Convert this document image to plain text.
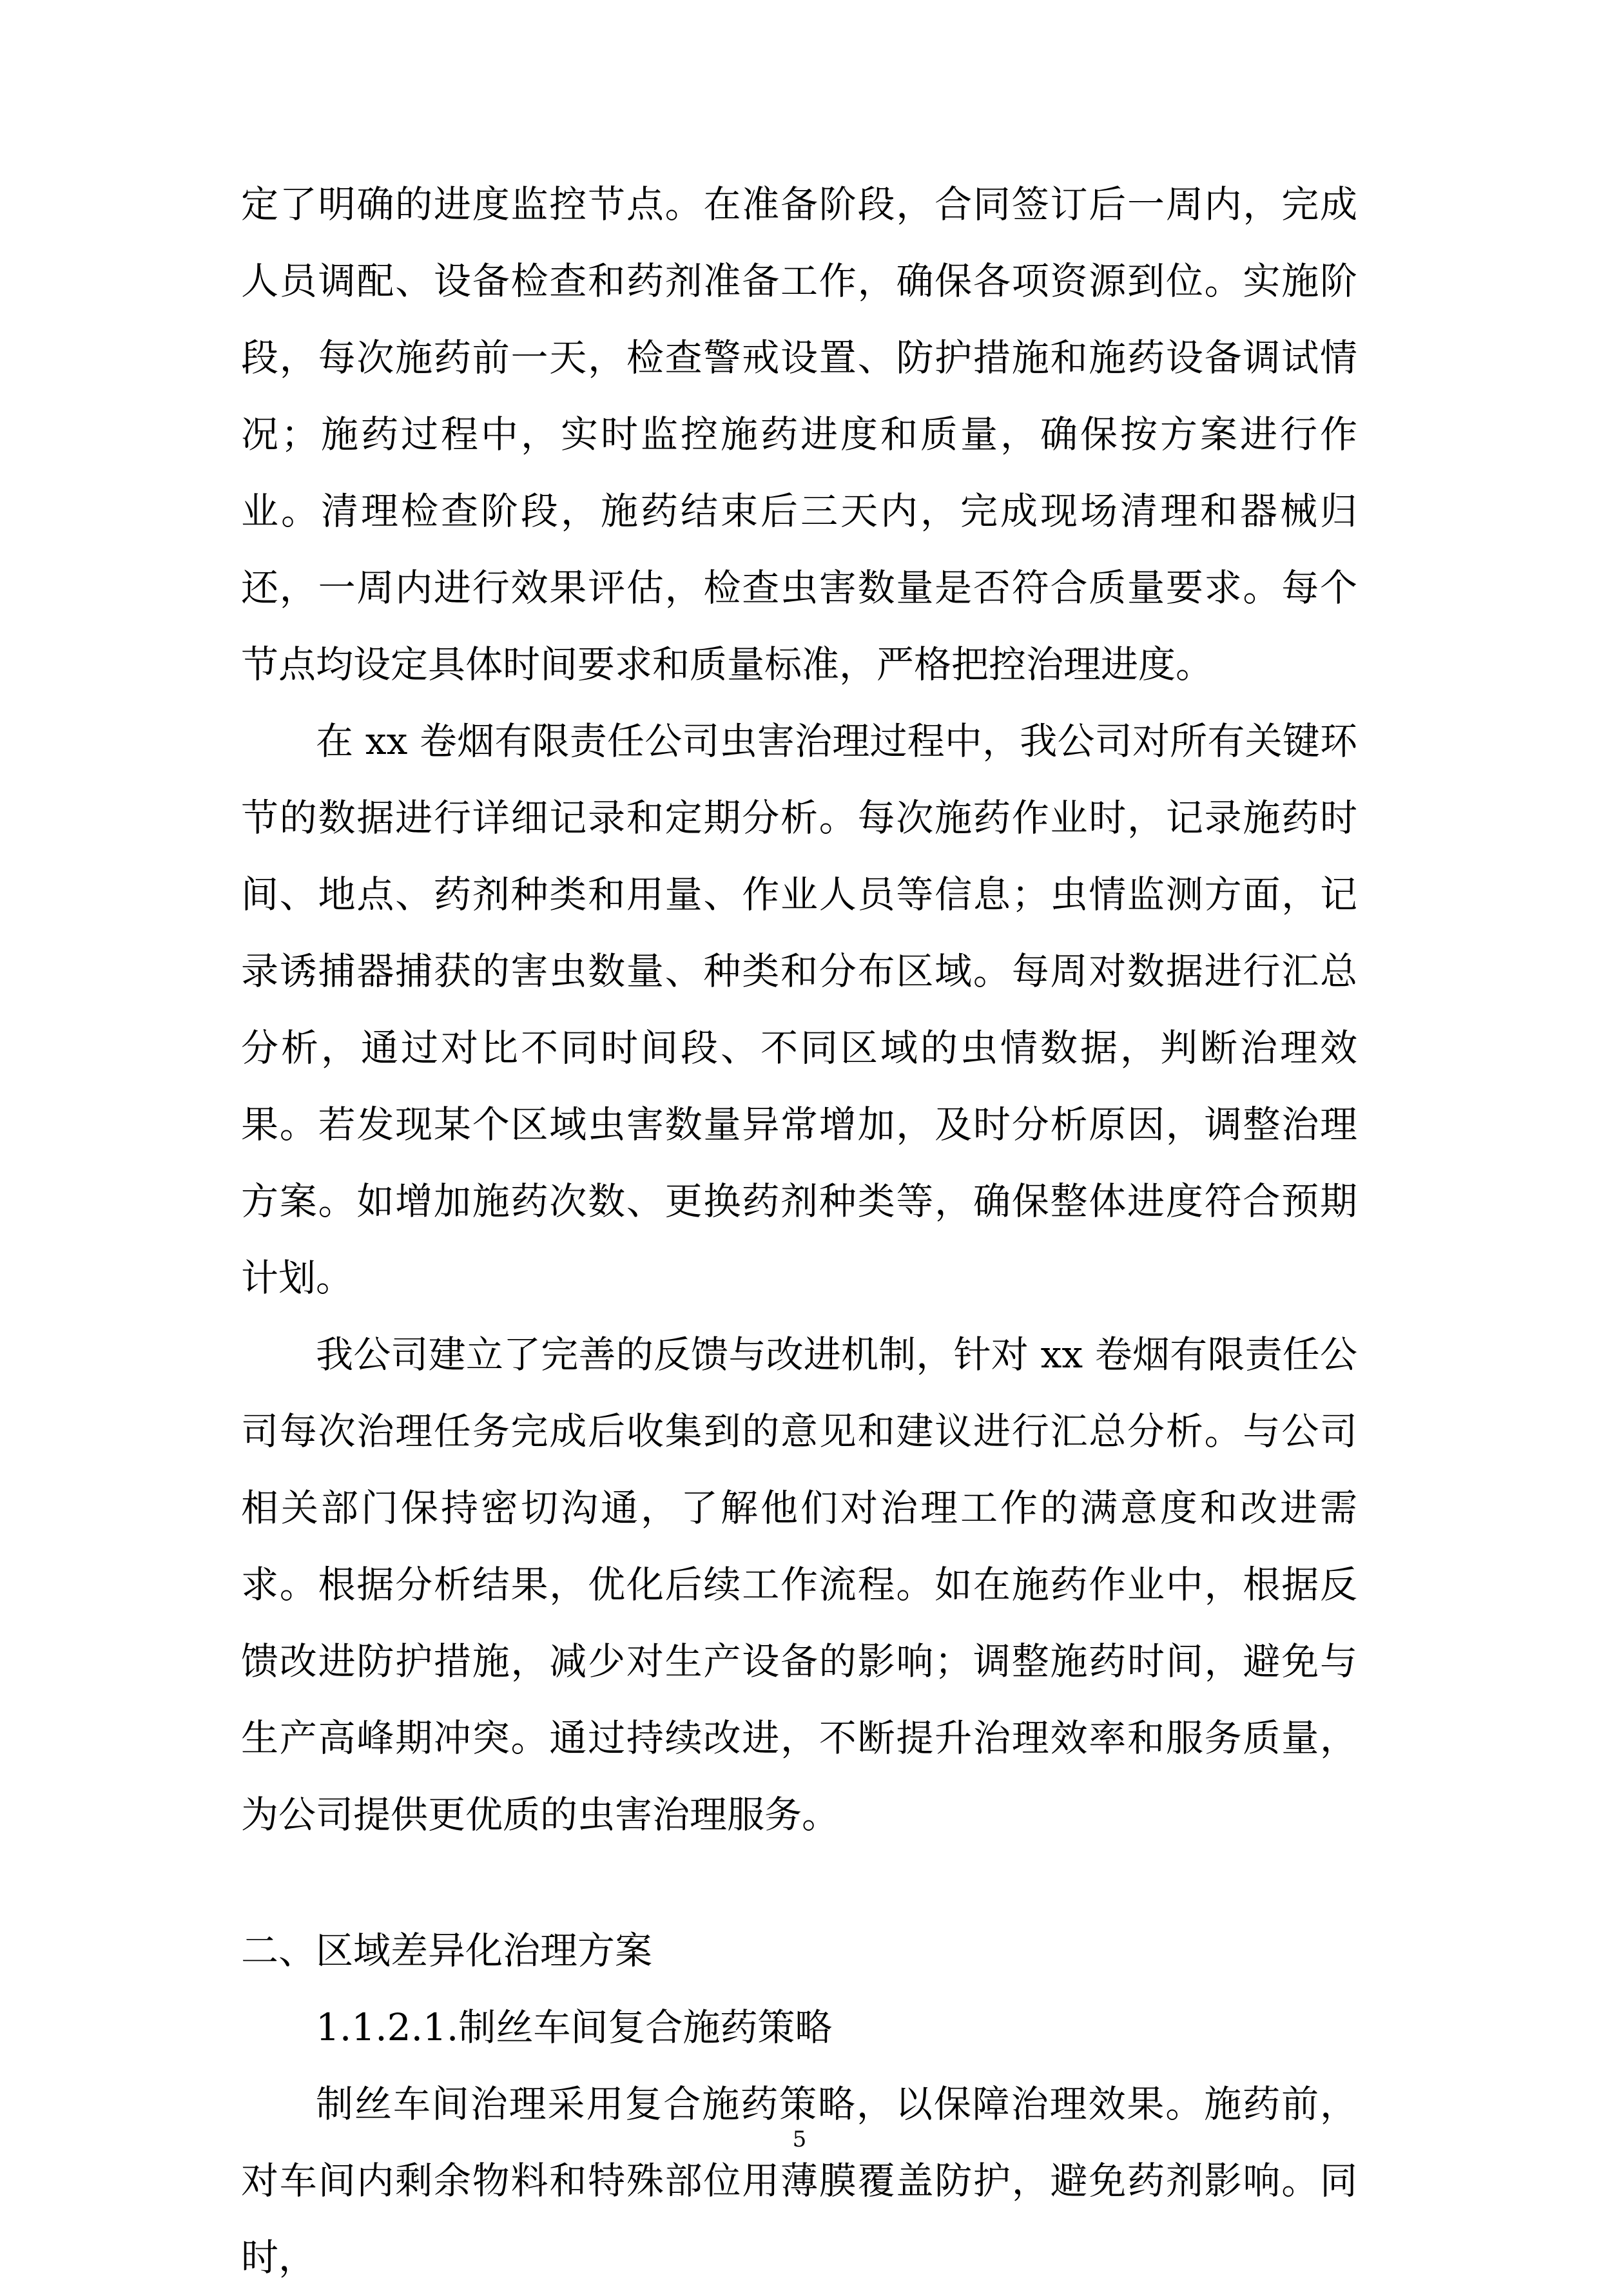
定了明确的进度监控节点。在准备阶段，合同签订后一周内，完成人员调配、设备检查和药剂准备工作，确保各项资源到位。实施阶段，每次施药前一天，检查警戒设置、防护措施和施药设备调试情况；施药过程中，实时监控施药进度和质量，确保按方案进行作业。清理检查阶段，施药结束后三天内，完成现场清理和器械归还，一周内进行效果评估，检查虫害数量是否符合质量要求。每个节点均设定具体时间要求和质量标准，严格把控治理进度。

在 xx 卷烟有限责任公司虫害治理过程中，我公司对所有关键环节的数据进行详细记录和定期分析。每次施药作业时，记录施药时间、地点、药剂种类和用量、作业人员等信息；虫情监测方面，记录诱捕器捕获的害虫数量、种类和分布区域。每周对数据进行汇总分析，通过对比不同时间段、不同区域的虫情数据，判断治理效果。若发现某个区域虫害数量异常增加，及时分析原因，调整治理方案。如增加施药次数、更换药剂种类等，确保整体进度符合预期计划。

我公司建立了完善的反馈与改进机制，针对 xx 卷烟有限责任公司每次治理任务完成后收集到的意见和建议进行汇总分析。与公司相关部门保持密切沟通，了解他们对治理工作的满意度和改进需求。根据分析结果，优化后续工作流程。如在施药作业中，根据反馈改进防护措施，减少对生产设备的影响；调整施药时间，避免与生产高峰期冲突。通过持续改进，不断提升治理效率和服务质量，为公司提供更优质的虫害治理服务。

二、区域差异化治理方案

1.1.2.1.制丝车间复合施药策略

制丝车间治理采用复合施药策略，以保障治理效果。施药前，对车间内剩余物料和特殊部位用薄膜覆盖防护，避免药剂影响。同时，

5
